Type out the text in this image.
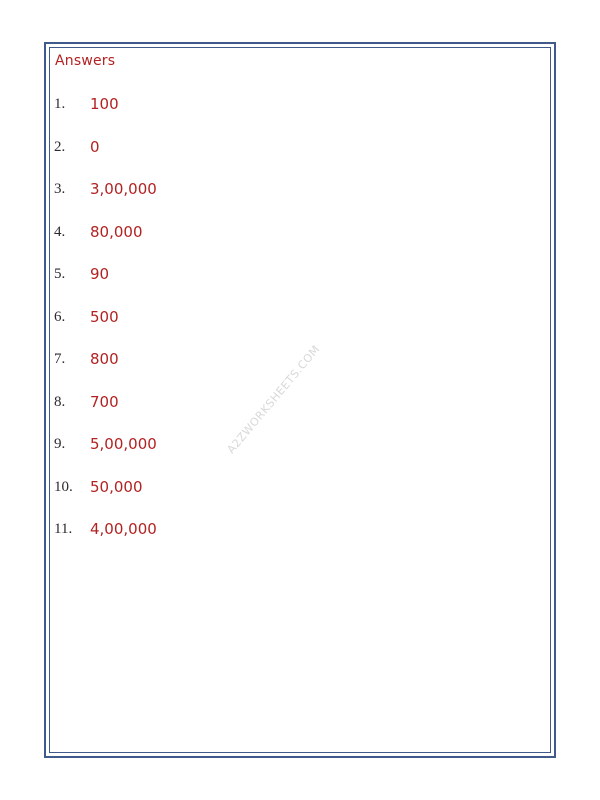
Answers
1. 100
2. 0
3. 3,00,000
4. 80,000
5. 90
6. 500
7. 800
8. 700
9. 5,00,000
10. 50,000
11. 4,00,000
A2ZWORKSHEETS.COM
